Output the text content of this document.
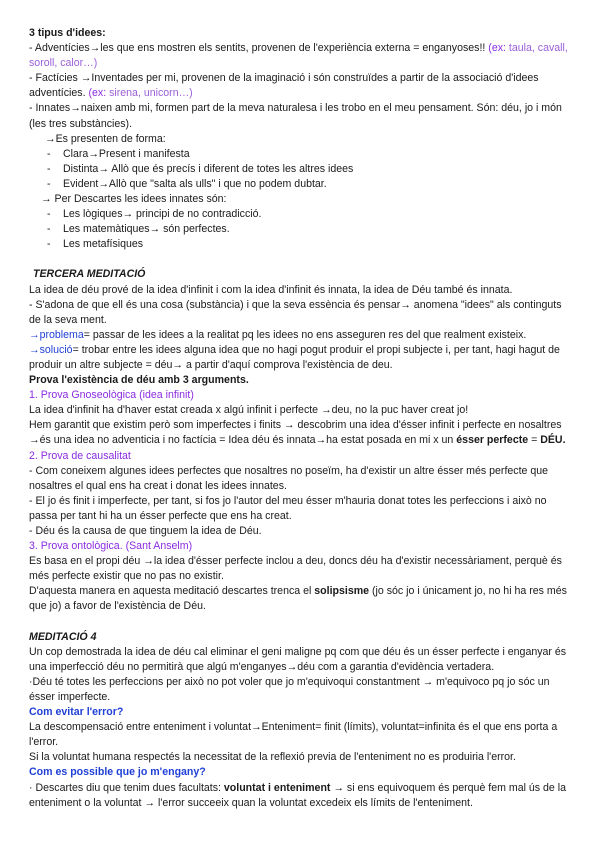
3 tipus d'idees:

- Adventícies→les que ens mostren els sentits, provenen de l'experiència externa = enganyoses!! (ex: taula, cavall, soroll, calor…)

- Factícies →Inventades per mi, provenen de la imaginació i són construïdes a partir de la associació d'idees adventícies. (ex: sirena, unicorn…)

- Innates→naixen amb mi, formen part de la meva naturalesa i les trobo en el meu pensament. Són: déu, jo i món (les tres substàncies).

→Es presenten de forma:

- Clara→Present i manifesta
- Distinta→ Allò que és precís i diferent de totes les altres idees
- Evident→Allò que "salta als ulls" i que no podem dubtar.

→ Per Descartes les idees innates són:

- Les lògiques→ principi de no contradicció.
- Les matemàtiques→ són perfectes.
- Les metafísiques

TERCERA MEDITACIÓ

La idea de déu prové de la idea d'infinit i com la idea d'infinit és innata, la idea de Déu també és innata.

- S'adona de que ell és una cosa (substància) i que la seva essència és pensar→ anomena "idees" als continguts de la seva ment.

→problema= passar de les idees a la realitat pq les idees no ens asseguren res del que realment existeix.

→solució= trobar entre les idees alguna idea que no hagi pogut produir el propi subjecte i, per tant, hagi hagut de produir un altre subjecte = déu→ a partir d'aquí comprova l'existència de deu.

Prova l'existència de déu amb 3 arguments.

1. Prova Gnoseològica (idea infinit)

La idea d'infinit ha d'haver estat creada x algú infinit i perfecte →deu, no la puc haver creat jo!

Hem garantit que existim però som imperfectes i finits → descobrim una idea d'ésser infinit i perfecte en nosaltres →és una idea no adventicia i no factícia = Idea déu és innata→ha estat posada en mi x un ésser perfecte = DÉU.

2. Prova de causalitat

- Com coneixem algunes idees perfectes que nosaltres no poseïm, ha d'existir un altre ésser més perfecte que nosaltres el qual ens ha creat i donat les idees innates.

- El jo és finit i imperfecte, per tant, si fos jo l'autor del meu ésser m'hauria donat totes les perfeccions i això no passa per tant hi ha un ésser perfecte que ens ha creat.

- Déu és la causa de que tinguem la idea de Déu.

3. Prova ontològica. (Sant Anselm)

Es basa en el propi déu →la idea d'ésser perfecte inclou a deu, doncs déu ha d'existir necessàriament, perquè és més perfecte existir que no pas no existir.

D'aquesta manera en aquesta meditació descartes trenca el solipsisme (jo sóc jo i únicament jo, no hi ha res més que jo) a favor de l'existència de Déu.

MEDITACIÓ 4

Un cop demostrada la idea de déu cal eliminar el geni maligne pq com que déu és un ésser perfecte i enganyar és una imperfecció déu no permitirà que algú m'enganyes→déu com a garantia d'evidència vertadera.

·Déu té totes les perfeccions per això no pot voler que jo m'equivoqui constantment → m'equivoco pq jo sóc un ésser imperfecte.

Com evitar l'error?

La descompensació entre enteniment i voluntat→Enteniment= finit (límits), voluntat=infinita és el que ens porta a l'error.

Si la voluntat humana respectés la necessitat de la reflexió previa de l'enteniment no es produiria l'error.

Com es possible que jo m'engany?

· Descartes diu que tenim dues facultats: voluntat i enteniment → si ens equivoquem és perquè fem mal ús de la enteniment o la voluntat → l'error succeeix quan la voluntat excedeix els límits de l'enteniment.
